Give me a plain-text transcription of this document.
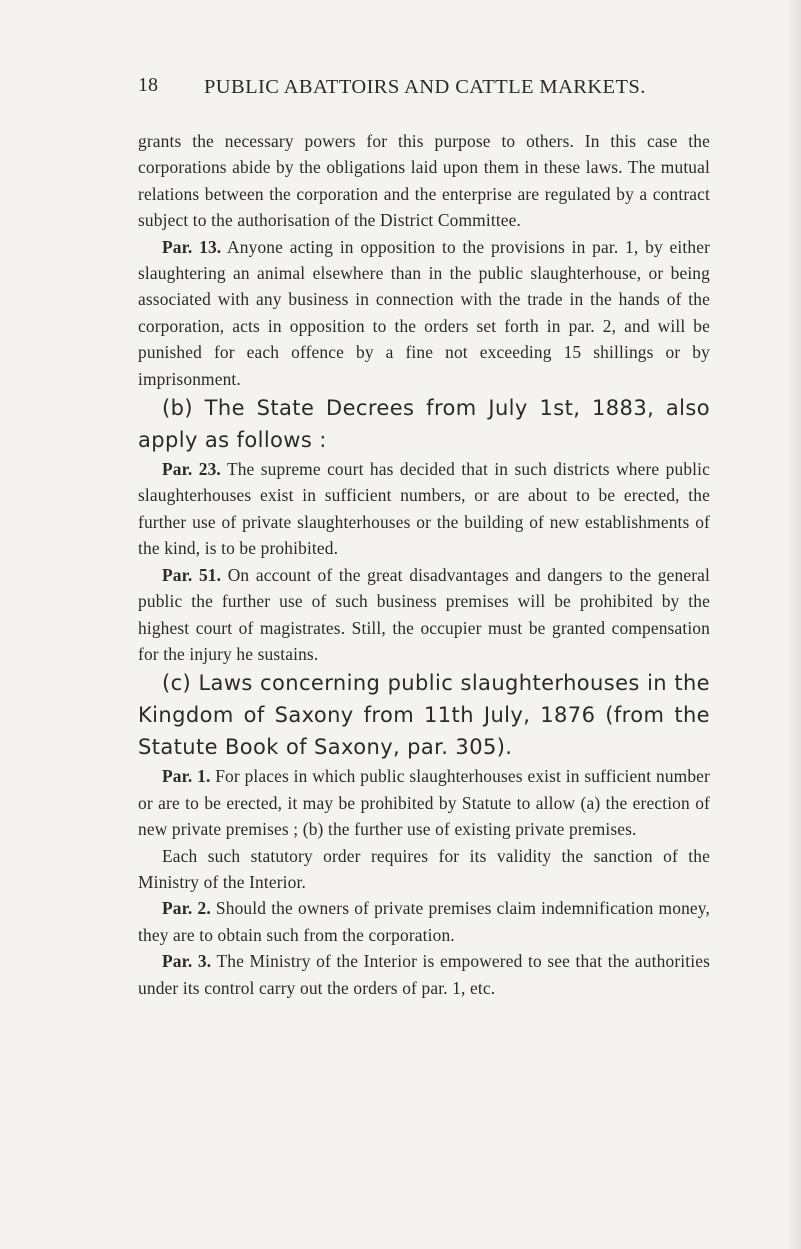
18 PUBLIC ABATTOIRS AND CATTLE MARKETS.

grants the necessary powers for this purpose to others. In this case the corporations abide by the obligations laid upon them in these laws. The mutual relations between the corporation and the enterprise are regulated by a contract subject to the authorisation of the District Committee.

Par. 13. Anyone acting in opposition to the provisions in par. 1, by either slaughtering an animal elsewhere than in the public slaughterhouse, or being associated with any business in connection with the trade in the hands of the corporation, acts in opposition to the orders set forth in par. 2, and will be punished for each offence by a fine not exceeding 15 shillings or by imprisonment.

(b) The State Decrees from July 1st, 1883, also apply as follows :

Par. 23. The supreme court has decided that in such districts where public slaughterhouses exist in sufficient numbers, or are about to be erected, the further use of private slaughterhouses or the building of new establishments of the kind, is to be prohibited.

Par. 51. On account of the great disadvantages and dangers to the general public the further use of such business premises will be prohibited by the highest court of magistrates. Still, the occupier must be granted compensation for the injury he sustains.

(c) Laws concerning public slaughterhouses in the Kingdom of Saxony from 11th July, 1876 (from the Statute Book of Saxony, par. 305).

Par. 1. For places in which public slaughterhouses exist in sufficient number or are to be erected, it may be prohibited by Statute to allow (a) the erection of new private premises ; (b) the further use of existing private premises.

Each such statutory order requires for its validity the sanction of the Ministry of the Interior.

Par. 2. Should the owners of private premises claim indemnification money, they are to obtain such from the corporation.

Par. 3. The Ministry of the Interior is empowered to see that the authorities under its control carry out the orders of par. 1, etc.
